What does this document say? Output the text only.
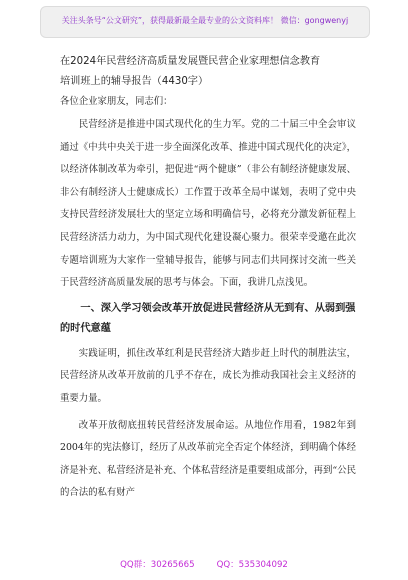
关注头条号“公文研究”，获得最新最全最专业的公文资料库！ 微信：gongwenyj
在2024年民营经济高质量发展暨民营企业家理想信念教育
培训班上的辅导报告（4430字）

各位企业家朋友，同志们：

民营经济是推进中国式现代化的生力军。党的二十届三中全会审议通过《中共中央关于进一步全面深化改革、推进中国式现代化的决定》，以经济体制改革为牵引，把促进“两个健康”（非公有制经济健康发展、非公有制经济人士健康成长）工作置于改革全局中谋划，表明了党中央支持民营经济发展壮大的坚定立场和明确信号，必将充分激发新征程上民营经济活力动力，为中国式现代化建设凝心聚力。很荣幸受邀在此次专题培训班为大家作一堂辅导报告，能够与同志们共同探讨交流一些关于民营经济高质量发展的思考与体会。下面，我讲几点浅见。

一、深入学习领会改革开放促进民营经济从无到有、从弱到强的时代意蕴

实践证明，抓住改革红利是民营经济大踏步赶上时代的制胜法宝，民营经济从改革开放前的几乎不存在，成长为推动我国社会主义经济的重要力量。

改革开放彻底扭转民营经济发展命运。从地位作用看，1982年到2004年的宪法修订，经历了从改革前完全否定个体经济，到明确个体经济是补充、私营经济是补充、个体私营经济是重要组成部分，再到“公民的合法的私有财产

QQ群：30265665	QQ：535304092
